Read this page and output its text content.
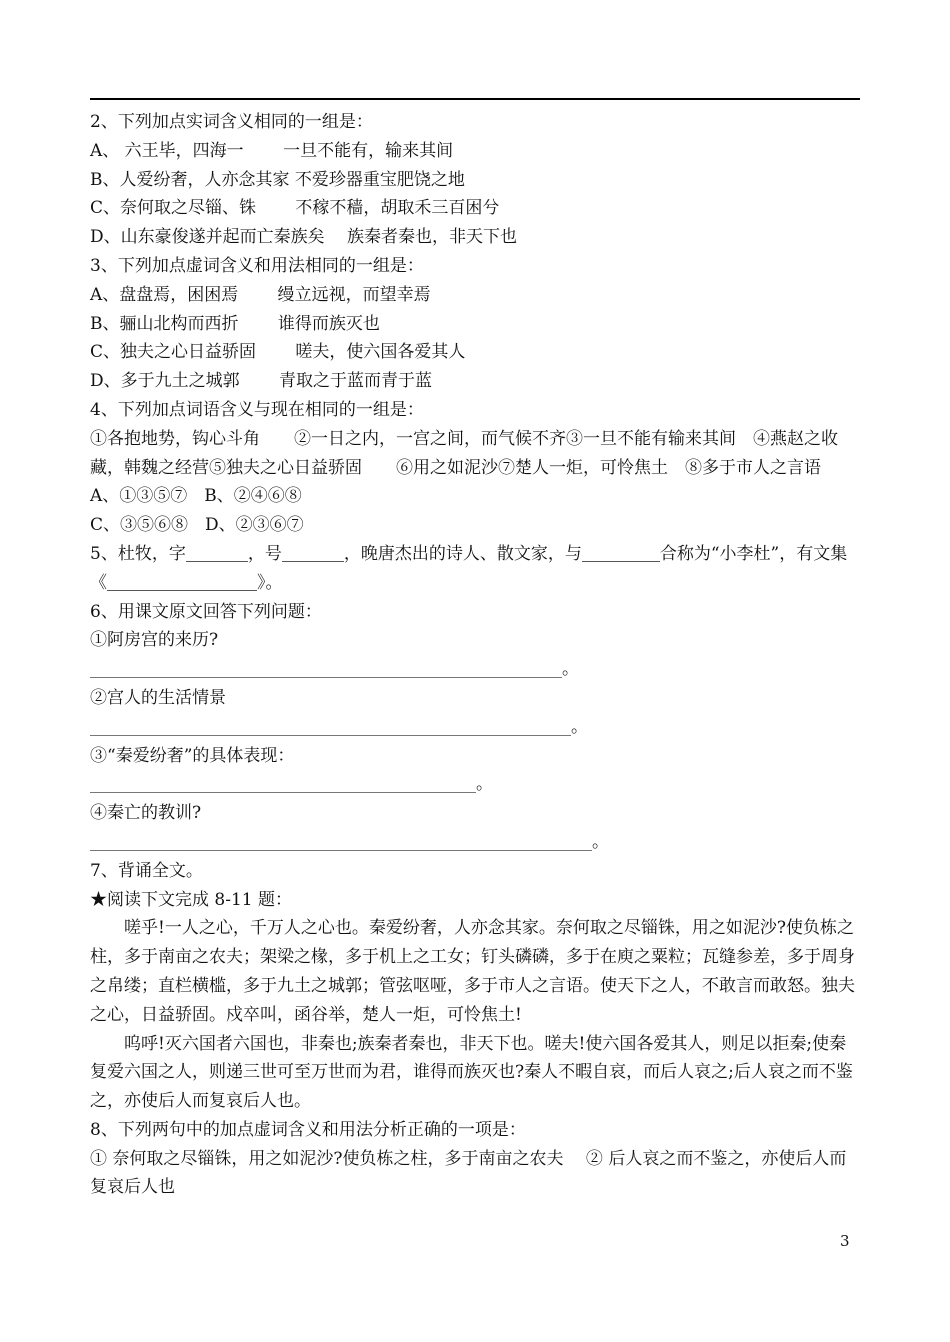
2、下列加点实词含义相同的一组是：

A、 六王毕，四海一 　　一旦不能有，输来其间

B、人爱纷奢，人亦念其家 不爱珍器重宝肥饶之地

C、奈何取之尽锱、铢 　　不稼不穑，胡取禾三百困兮

D、山东豪俊遂并起而亡秦族矣 　族秦者秦也，非天下也

3、下列加点虚词含义和用法相同的一组是：

A、盘盘焉，困困焉 　　缦立远视，而望幸焉

B、骊山北构而西折 　　谁得而族灭也

C、独夫之心日益骄固 　　嗟夫，使六国各爱其人

D、多于九土之城郭 　　青取之于蓝而青于蓝

4、下列加点词语含义与现在相同的一组是：

①各抱地势，钩心斗角　　②一日之内，一宫之间，而气候不齐③一旦不能有输来其间　④燕赵之收藏，韩魏之经营⑤独夫之心日益骄固　　⑥用之如泥沙⑦楚人一炬，可怜焦土　⑧多于市人之言语

A、①③⑤⑦　B、②④⑥⑧

C、③⑤⑥⑧　D、②③⑥⑦

5、杜牧，字	，号	，晚唐杰出的诗人、散文家，与	合称为“小李杜”，有文集《	》。

6、用课文原文回答下列问题：

①阿房宫的来历?

。

②宫人的生活情景

。

③“秦爱纷奢”的具体表现：

。

④秦亡的教训?

。

7、背诵全文。

★阅读下文完成 8-11 题：

嗟乎!一人之心，千万人之心也。秦爱纷奢，人亦念其家。奈何取之尽锱铢，用之如泥沙?使负栋之柱，多于南亩之农夫；架梁之椽，多于机上之工女；钉头磷磷，多于在庾之粟粒；瓦缝参差，多于周身之帛缕；直栏横槛，多于九土之城郭；管弦呕哑，多于市人之言语。使天下之人，不敢言而敢怒。独夫之心，日益骄固。戍卒叫，函谷举，楚人一炬，可怜焦土!

呜呼!灭六国者六国也，非秦也;族秦者秦也，非天下也。嗟夫!使六国各爱其人，则足以拒秦;使秦复爱六国之人，则递三世可至万世而为君，谁得而族灭也?秦人不暇自哀，而后人哀之;后人哀之而不鉴之，亦使后人而复哀后人也。

8、下列两句中的加点虚词含义和用法分析正确的一项是：

① 奈何取之尽锱铢，用之如泥沙?使负栋之柱，多于南亩之农夫　 ② 后人哀之而不鉴之，亦使后人而复哀后人也

3
